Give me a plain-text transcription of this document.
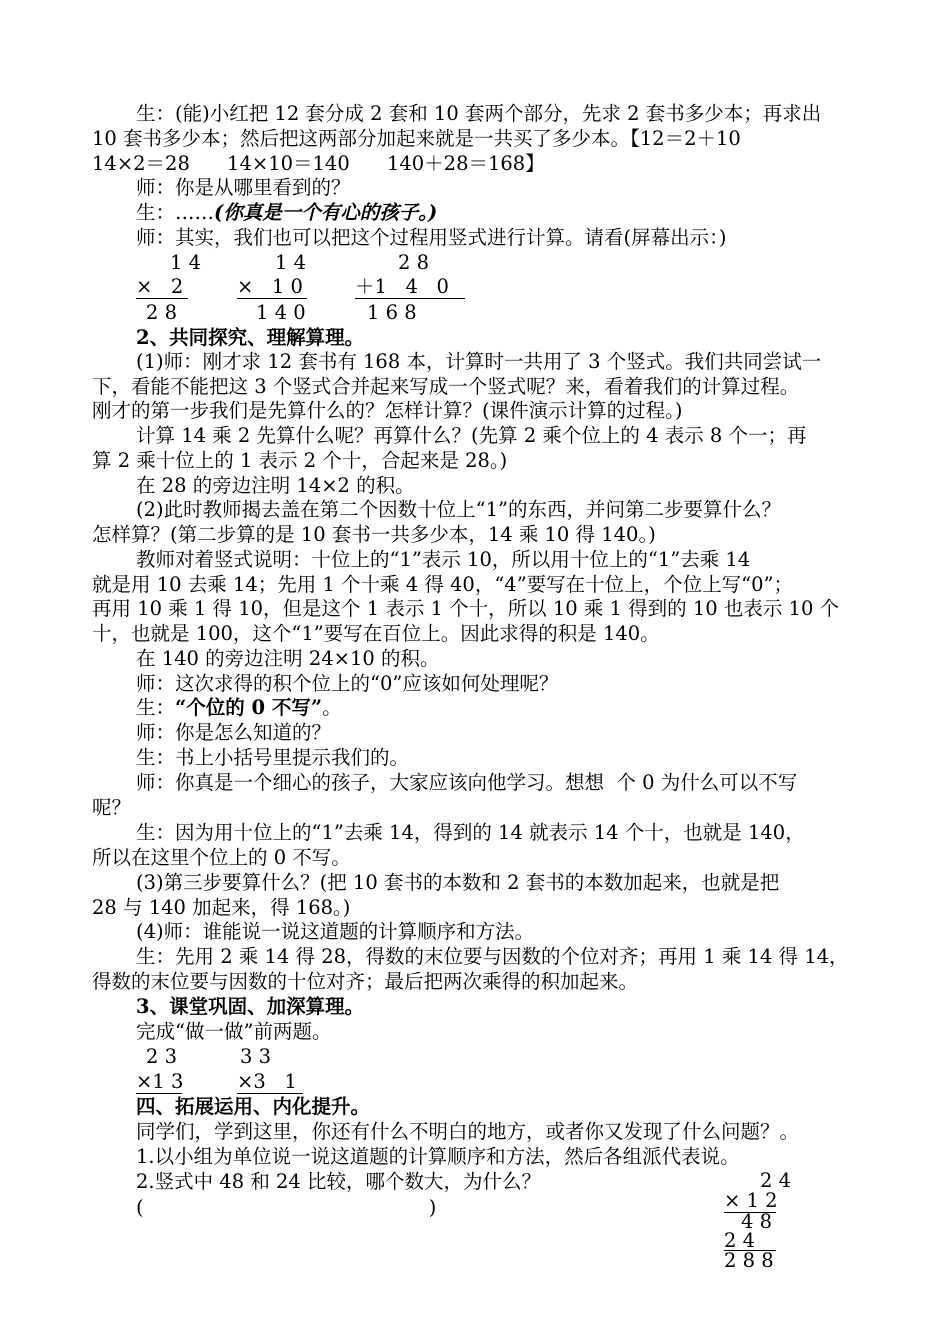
生：(能)小红把 12 套分成 2 套和 10 套两个部分，先求 2 套书多少本；再求出
10 套书多少本；然后把这两部分加起来就是一共买了多少本。【12＝2＋10
14×2＝28      14×10＝140      140＋28＝168】
师：你是从哪里看到的？
生：……(你真是一个有心的孩子。)
师：其实，我们也可以把这个过程用竖式进行计算。请看(屏幕出示：)
1 4
×   2
2 8
1 4
×   1 0
1 4 0
2 8
＋1   4   0
1 6 8
2、共同探究、理解算理。
(1)师：刚才求 12 套书有 168 本，计算时一共用了 3 个竖式。我们共同尝试一
下，看能不能把这 3 个竖式合并起来写成一个竖式呢？来，看着我们的计算过程。
刚才的第一步我们是先算什么的？怎样计算？(课件演示计算的过程。)
计算 14 乘 2 先算什么呢？再算什么？(先算 2 乘个位上的 4 表示 8 个一；再
算 2 乘十位上的 1 表示 2 个十，合起来是 28。)
在 28 的旁边注明 14×2 的积。
(2)此时教师揭去盖在第二个因数十位上“1”的东西，并问第二步要算什么？
怎样算？(第二步算的是 10 套书一共多少本，14 乘 10 得 140。)
教师对着竖式说明：十位上的“1”表示 10，所以用十位上的“1”去乘 14
就是用 10 去乘 14；先用 1 个十乘 4 得 40，“4”要写在十位上，个位上写“0”；
再用 10 乘 1 得 10，但是这个 1 表示 1 个十，所以 10 乘 1 得到的 10 也表示 10 个
十，也就是 100，这个“1”要写在百位上。因此求得的积是 140。
在 140 的旁边注明 24×10 的积。
师：这次求得的积个位上的“0”应该如何处理呢？
生：“个位的 0 不写”。
师：你是怎么知道的？
生：书上小括号里提示我们的。
师：你真是一个细心的孩子，大家应该向他学习。想想  个 0 为什么可以不写
呢？
生：因为用十位上的“1”去乘 14，得到的 14 就表示 14 个十，也就是 140，
所以在这里个位上的 0 不写。
(3)第三步要算什么？(把 10 套书的本数和 2 套书的本数加起来，也就是把
28 与 140 加起来，得 168。)
(4)师：谁能说一说这道题的计算顺序和方法。
生：先用 2 乘 14 得 28，得数的末位要与因数的个位对齐；再用 1 乘 14 得 14，
得数的末位要与因数的十位对齐；最后把两次乘得的积加起来。
3、课堂巩固、加深算理。
完成“做一做”前两题。
2 3
×1 3
3 3
×3   1
四、拓展运用、内化提升。
同学们，学到这里，你还有什么不明白的地方，或者你又发现了什么问题？。
1.以小组为单位说一说这道题的计算顺序和方法，然后各组派代表说。
2.竖式中 48 和 24 比较，哪个数大，为什么？
(                                              )
2 4
× 1 2
4 8
2 4
2 8 8
